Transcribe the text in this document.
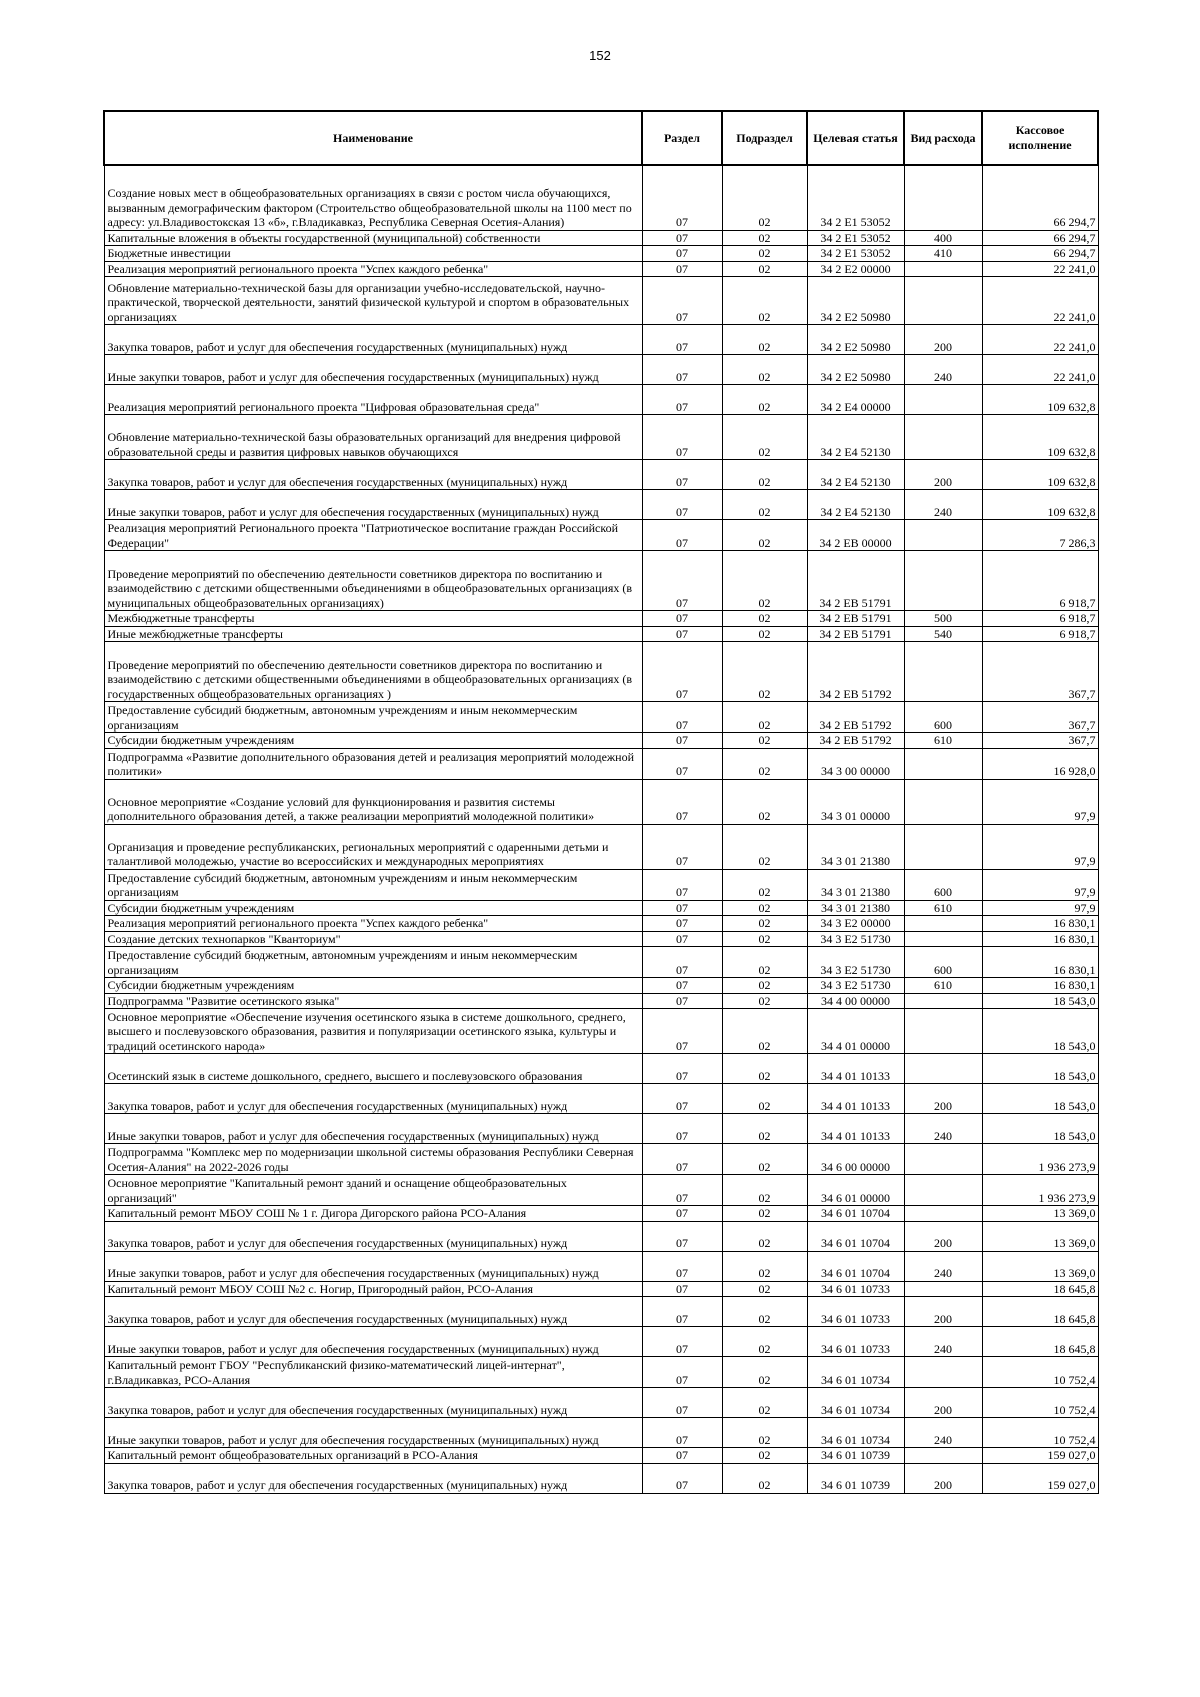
152
Наименование	Раздел	Подраздел	Целевая статья	Вид расхода	Кассовое исполнение
Создание новых мест в общеобразовательных организациях в связи с ростом числа обучающихся, вызванным демографическим фактором (Строительство общеобразовательной школы на 1100 мест по адресу: ул.Владивостокская 13 «б», г.Владикавказ, Республика Северная Осетия-Алания)	07	02	34 2 E1 53052		66 294,7
Капитальные вложения в объекты государственной (муниципальной) собственности	07	02	34 2 E1 53052	400	66 294,7
Бюджетные инвестиции	07	02	34 2 E1 53052	410	66 294,7
Реализация мероприятий регионального проекта "Успех каждого ребенка"	07	02	34 2 E2 00000		22 241,0
Обновление материально-технической базы для организации учебно-исследовательской, научно-практической, творческой деятельности, занятий физической культурой и спортом в образовательных организациях	07	02	34 2 E2 50980		22 241,0
Закупка товаров, работ и услуг для обеспечения государственных (муниципальных) нужд	07	02	34 2 E2 50980	200	22 241,0
Иные закупки товаров, работ и услуг для обеспечения государственных (муниципальных) нужд	07	02	34 2 E2 50980	240	22 241,0
Реализация мероприятий регионального проекта "Цифровая образовательная среда"	07	02	34 2 E4 00000		109 632,8
Обновление материально-технической базы образовательных организаций для внедрения цифровой образовательной среды и развития цифровых навыков обучающихся	07	02	34 2 E4 52130		109 632,8
Закупка товаров, работ и услуг для обеспечения государственных (муниципальных) нужд	07	02	34 2 E4 52130	200	109 632,8
Иные закупки товаров, работ и услуг для обеспечения государственных (муниципальных) нужд	07	02	34 2 E4 52130	240	109 632,8
Реализация мероприятий Регионального проекта "Патриотическое воспитание граждан Российской Федерации"	07	02	34 2 EB 00000		7 286,3
Проведение мероприятий по обеспечению деятельности советников директора по воспитанию и взаимодействию с детскими общественными объединениями в общеобразовательных организациях (в муниципальных общеобразовательных организациях)	07	02	34 2 EB 51791		6 918,7
Межбюджетные трансферты	07	02	34 2 EB 51791	500	6 918,7
Иные межбюджетные трансферты	07	02	34 2 EB 51791	540	6 918,7
Проведение мероприятий по обеспечению деятельности советников директора по воспитанию и взаимодействию с детскими общественными объединениями в общеобразовательных организациях (в государственных общеобразовательных организациях )	07	02	34 2 EB 51792		367,7
Предоставление субсидий бюджетным, автономным учреждениям и иным некоммерческим организациям	07	02	34 2 EB 51792	600	367,7
Субсидии бюджетным учреждениям	07	02	34 2 EB 51792	610	367,7
Подпрограмма «Развитие дополнительного образования детей и реализация мероприятий молодежной политики»	07	02	34 3 00 00000		16 928,0
Основное мероприятие «Создание условий для функционирования и развития системы дополнительного образования детей, а также реализации мероприятий молодежной политики»	07	02	34 3 01 00000		97,9
Организация и проведение республиканских, региональных мероприятий с одаренными детьми и талантливой молодежью, участие во всероссийских и международных мероприятиях	07	02	34 3 01 21380		97,9
Предоставление субсидий бюджетным, автономным учреждениям и иным некоммерческим организациям	07	02	34 3 01 21380	600	97,9
Субсидии бюджетным учреждениям	07	02	34 3 01 21380	610	97,9
Реализация мероприятий регионального проекта "Успех каждого ребенка"	07	02	34 3 E2 00000		16 830,1
Создание детских технопарков "Кванториум"	07	02	34 3 E2 51730		16 830,1
Предоставление субсидий бюджетным, автономным учреждениям и иным некоммерческим организациям	07	02	34 3 E2 51730	600	16 830,1
Субсидии бюджетным учреждениям	07	02	34 3 E2 51730	610	16 830,1
Подпрограмма "Развитие осетинского языка"	07	02	34 4 00 00000		18 543,0
Основное мероприятие «Обеспечение изучения осетинского языка в системе дошкольного, среднего, высшего и послевузовского образования, развития и популяризации осетинского языка, культуры и традиций осетинского народа»	07	02	34 4 01 00000		18 543,0
Осетинский язык в системе дошкольного, среднего, высшего и послевузовского образования	07	02	34 4 01 10133		18 543,0
Закупка товаров, работ и услуг для обеспечения государственных (муниципальных) нужд	07	02	34 4 01 10133	200	18 543,0
Иные закупки товаров, работ и услуг для обеспечения государственных (муниципальных) нужд	07	02	34 4 01 10133	240	18 543,0
Подпрограмма "Комплекс мер по модернизации школьной системы образования Республики Северная Осетия-Алания" на 2022-2026 годы	07	02	34 6 00 00000		1 936 273,9
Основное мероприятие "Капитальный ремонт зданий и оснащение общеобразовательных организаций"	07	02	34 6 01 00000		1 936 273,9
Капитальный ремонт МБОУ СОШ № 1 г. Дигора Дигорского района РСО-Алания	07	02	34 6 01 10704		13 369,0
Закупка товаров, работ и услуг для обеспечения государственных (муниципальных) нужд	07	02	34 6 01 10704	200	13 369,0
Иные закупки товаров, работ и услуг для обеспечения государственных (муниципальных) нужд	07	02	34 6 01 10704	240	13 369,0
Капитальный ремонт МБОУ СОШ №2 с. Ногир, Пригородный район, РСО-Алания	07	02	34 6 01 10733		18 645,8
Закупка товаров, работ и услуг для обеспечения государственных (муниципальных) нужд	07	02	34 6 01 10733	200	18 645,8
Иные закупки товаров, работ и услуг для обеспечения государственных (муниципальных) нужд	07	02	34 6 01 10733	240	18 645,8
Капитальный ремонт ГБОУ "Республиканский физико-математический лицей-интернат", г.Владикавказ, РСО-Алания	07	02	34 6 01 10734		10 752,4
Закупка товаров, работ и услуг для обеспечения государственных (муниципальных) нужд	07	02	34 6 01 10734	200	10 752,4
Иные закупки товаров, работ и услуг для обеспечения государственных (муниципальных) нужд	07	02	34 6 01 10734	240	10 752,4
Капитальный ремонт общеобразовательных организаций в РСО-Алания	07	02	34 6 01 10739		159 027,0
Закупка товаров, работ и услуг для обеспечения государственных (муниципальных) нужд	07	02	34 6 01 10739	200	159 027,0
